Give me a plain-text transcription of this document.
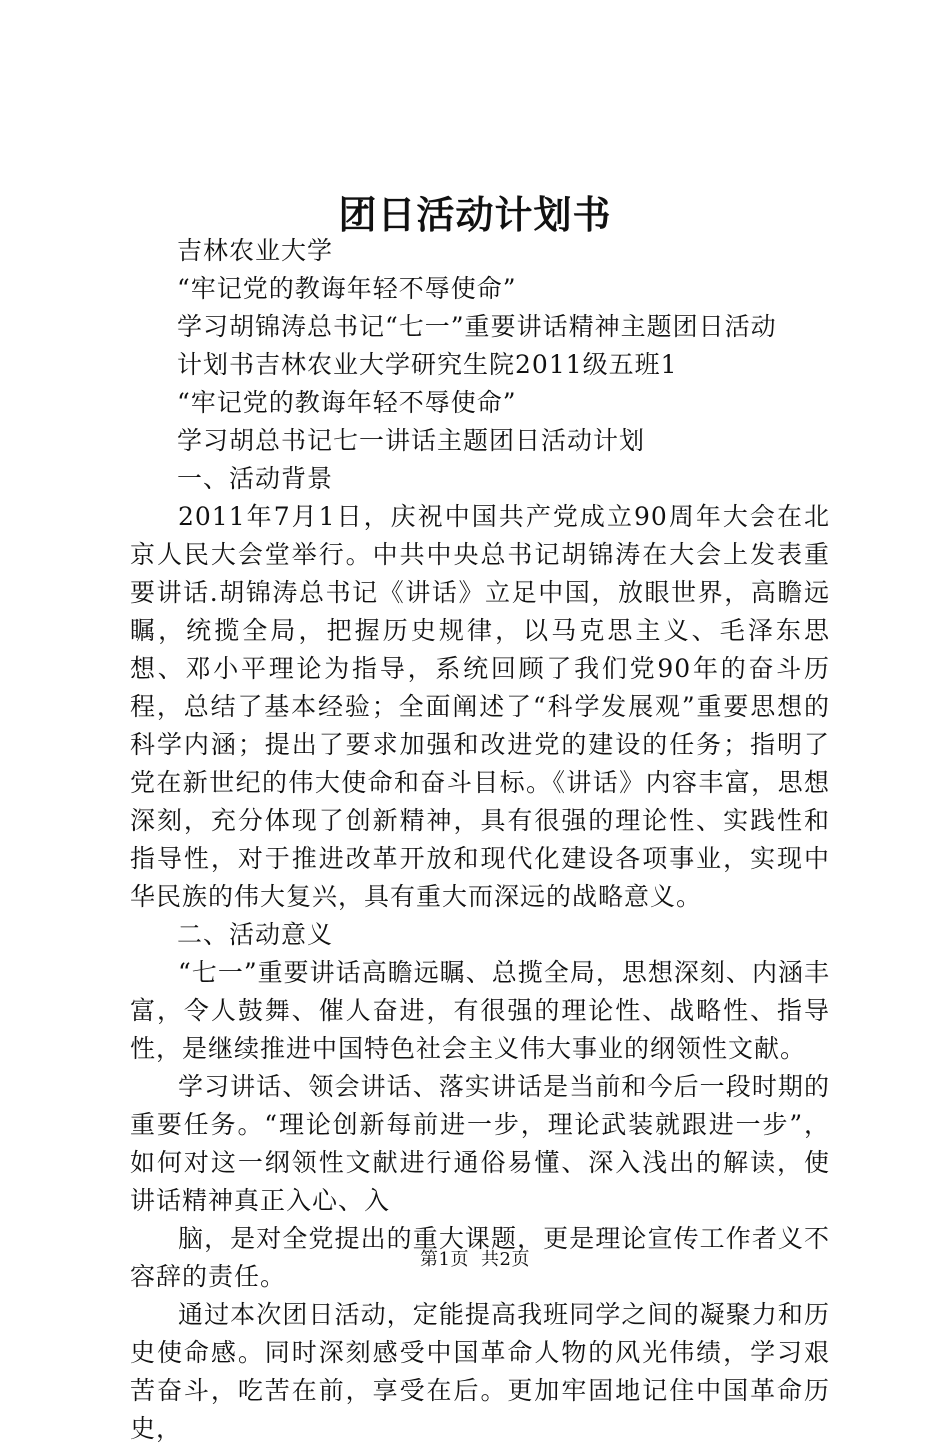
团日活动计划书
吉林农业大学
“牢记党的教诲年轻不辱使命”
学习胡锦涛总书记“七一”重要讲话精神主题团日活动
计划书吉林农业大学研究生院2011级五班1
“牢记党的教诲年轻不辱使命”
学习胡总书记七一讲话主题团日活动计划
一、活动背景

2011年7月1日，庆祝中国共产党成立90周年大会在北京人民大会堂举行。中共中央总书记胡锦涛在大会上发表重要讲话.胡锦涛总书记《讲话》立足中国，放眼世界，高瞻远瞩，统揽全局，把握历史规律，以马克思主义、毛泽东思想、邓小平理论为指导，系统回顾了我们党90年的奋斗历程，总结了基本经验；全面阐述了“科学发展观”重要思想的科学内涵；提出了要求加强和改进党的建设的任务；指明了党在新世纪的伟大使命和奋斗目标。《讲话》内容丰富，思想深刻，充分体现了创新精神，具有很强的理论性、实践性和指导性，对于推进改革开放和现代化建设各项事业，实现中华民族的伟大复兴，具有重大而深远的战略意义。

二、活动意义

“七一”重要讲话高瞻远瞩、总揽全局，思想深刻、内涵丰富，令人鼓舞、催人奋进，有很强的理论性、战略性、指导性，是继续推进中国特色社会主义伟大事业的纲领性文献。

学习讲话、领会讲话、落实讲话是当前和今后一段时期的重要任务。“理论创新每前进一步，理论武装就跟进一步”，如何对这一纲领性文献进行通俗易懂、深入浅出的解读，使讲话精神真正入心、入

脑，是对全党提出的重大课题，更是理论宣传工作者义不容辞的责任。

通过本次团日活动，定能提高我班同学之间的凝聚力和历史使命感。同时深刻感受中国革命人物的风光伟绩，学习艰苦奋斗，吃苦在前，享受在后。更加牢固地记住中国革命历史，

第1页 共2页
